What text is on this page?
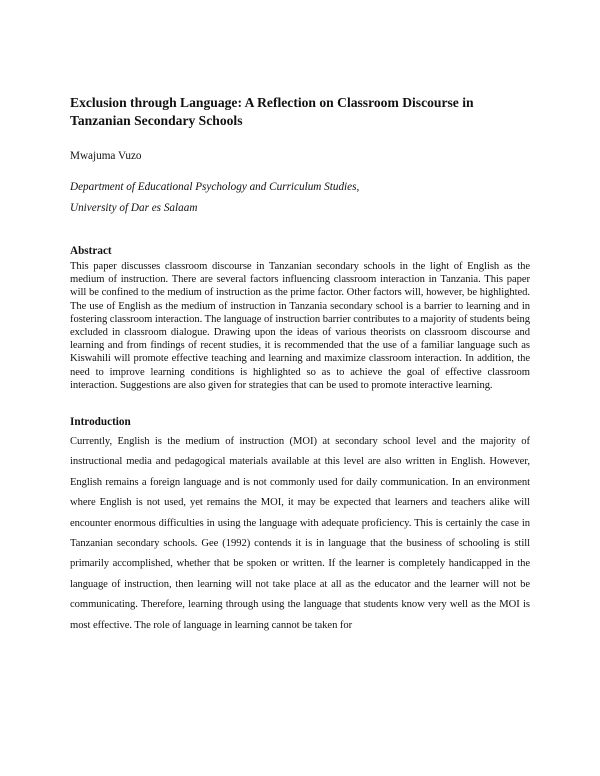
Exclusion through Language: A Reflection on Classroom Discourse in Tanzanian Secondary Schools
Mwajuma Vuzo
Department of Educational Psychology and Curriculum Studies,
University of Dar es Salaam
Abstract
This paper discusses classroom discourse in Tanzanian secondary schools in the light of English as the medium of instruction. There are several factors influencing classroom interaction in Tanzania. This paper will be confined to the medium of instruction as the prime factor. Other factors will, however, be highlighted. The use of English as the medium of instruction in Tanzania secondary school is a barrier to learning and in fostering classroom interaction. The language of instruction barrier contributes to a majority of students being excluded in classroom dialogue. Drawing upon the ideas of various theorists on classroom discourse and learning and from findings of recent studies, it is recommended that the use of a familiar language such as Kiswahili will promote effective teaching and learning and maximize classroom interaction. In addition, the need to improve learning conditions is highlighted so as to achieve the goal of effective classroom interaction. Suggestions are also given for strategies that can be used to promote interactive learning.
Introduction
Currently, English is the medium of instruction (MOI) at secondary school level and the majority of instructional media and pedagogical materials available at this level are also written in English. However, English remains a foreign language and is not commonly used for daily communication. In an environment where English is not used, yet remains the MOI, it may be expected that learners and teachers alike will encounter enormous difficulties in using the language with adequate proficiency. This is certainly the case in Tanzanian secondary schools. Gee (1992) contends it is in language that the business of schooling is still primarily accomplished, whether that be spoken or written. If the learner is completely handicapped in the language of instruction, then learning will not take place at all as the educator and the learner will not be communicating. Therefore, learning through using the language that students know very well as the MOI is most effective. The role of language in learning cannot be taken for
